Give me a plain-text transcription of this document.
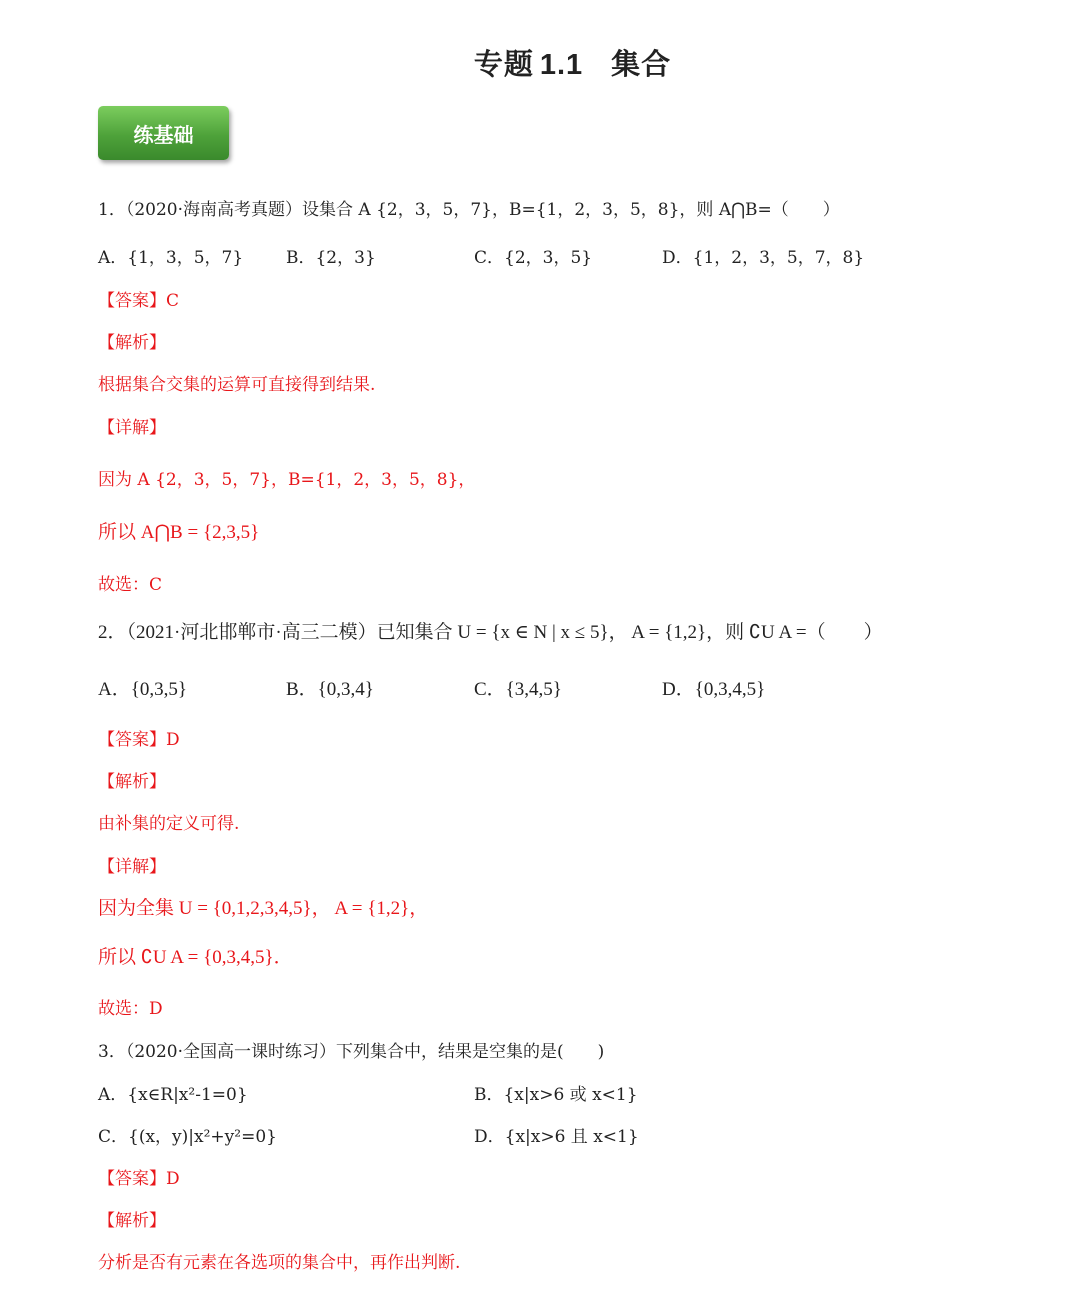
专题 1.1 集合
练基础
1．（2020·海南高考真题）设集合 A {2，3，5，7}，B={1，2，3，5，8}，则 A⋂B=（　　）
A．{1，3，5，7}	B．{2，3}	C．{2，3，5}	D．{1，2，3，5，7，8}
【答案】C
【解析】
根据集合交集的运算可直接得到结果.
【详解】
因为 A {2，3，5，7}，B={1，2，3，5，8}，
所以 A⋂B = {2,3,5}
故选：C
2．（2021·河北邯郸市·高三二模）已知集合 U = {x ∈ N | x ≤ 5}， A = {1,2}，则 ∁U A =（　　）
A．{0,3,5}	B．{0,3,4}	C．{3,4,5}	D．{0,3,4,5}
【答案】D
【解析】
由补集的定义可得.
【详解】
因为全集 U = {0,1,2,3,4,5}， A = {1,2}，
所以 ∁U A = {0,3,4,5}．
故选：D
3．（2020·全国高一课时练习）下列集合中，结果是空集的是(　　)
A．{x∈R|x²-1=0}	B．{x|x>6 或 x<1}
C．{(x，y)|x²+y²=0}	D．{x|x>6 且 x<1}
【答案】D
【解析】
分析是否有元素在各选项的集合中，再作出判断.
